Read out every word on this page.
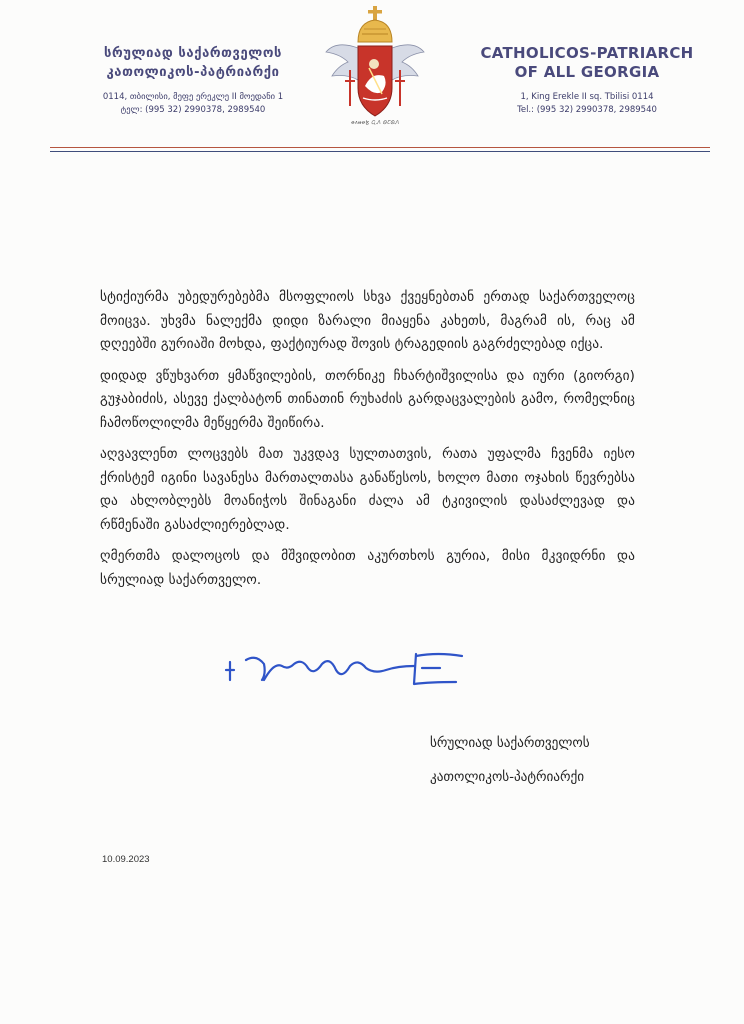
სრულიად საქართველოს
კათოლიკოს-პატრიარქი
0114, თბილისი, მეფე ერეკლე II მოედანი 1
ტელ: (995 32) 2990378, 2989540
ꝋʌʉꝋꜩ ᏩᏁ ᏫꞆᏫᏁ
CATHOLICOS-PATRIARCH
OF ALL GEORGIA
1, King Erekle II sq. Tbilisi 0114
Tel.: (995 32) 2990378, 2989540

სტიქიურმა უბედურებებმა მსოფლიოს სხვა ქვეყნებთან ერთად საქართველოც მოიცვა. უხვმა ნალექმა დიდი ზარალი მიაყენა კახეთს, მაგრამ ის, რაც ამ დღეებში გურიაში მოხდა, ფაქტიურად შოვის ტრაგედიის გაგრძელებად იქცა.

დიდად ვწუხვართ ყმაწვილების, თორნიკე ჩხარტიშვილისა და იური (გიორგი) გუჯაბიძის, ასევე ქალბატონ თინათინ რუხაძის გარდაცვალების გამო, რომელნიც ჩამოწოლილმა მეწყერმა შეიწირა.

აღვავლენთ ლოცვებს მათ უკვდავ სულთათვის, რათა უფალმა ჩვენმა იესო ქრისტემ იგინი სავანესა მართალთასა განაწესოს, ხოლო მათი ოჯახის წევრებსა და ახლობლებს მოანიჭოს შინაგანი ძალა ამ ტკივილის დასაძლევად და რწმენაში გასაძლიერებლად.

ღმერთმა დალოცოს და მშვიდობით აკურთხოს გურია, მისი მკვიდრნი და სრულიად საქართველო.

სრულიად საქართველოს
კათოლიკოს-პატრიარქი
10.09.2023
